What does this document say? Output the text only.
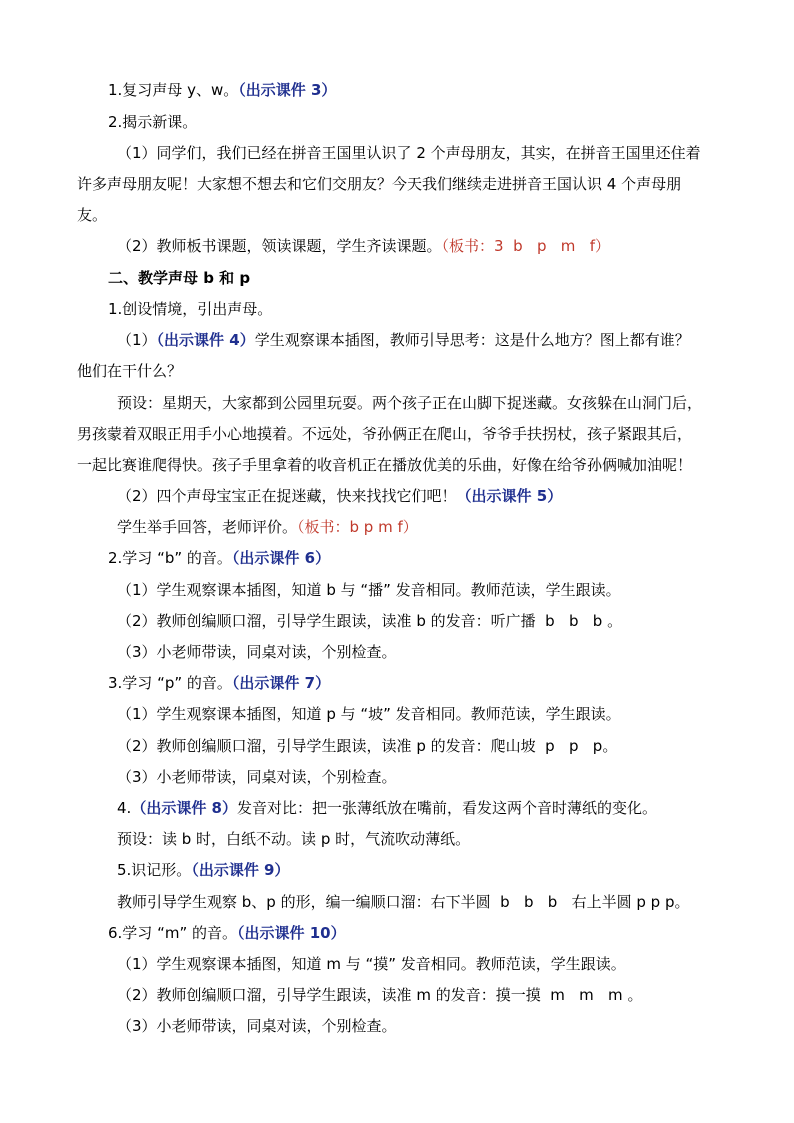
1.复习声母 y、w。（出示课件 3）
2.揭示新课。
（1）同学们，我们已经在拼音王国里认识了 2 个声母朋友，其实，在拼音王国里还住着
许多声母朋友呢！大家想不想去和它们交朋友？今天我们继续走进拼音王国认识 4 个声母朋
友。
（2）教师板书课题，领读课题，学生齐读课题。（板书：3  b   p   m   f）
二、教学声母 b 和 p
1.创设情境，引出声母。
（1）（出示课件 4）学生观察课本插图，教师引导思考：这是什么地方？图上都有谁？
他们在干什么？
预设：星期天，大家都到公园里玩耍。两个孩子正在山脚下捉迷藏。女孩躲在山洞门后，
男孩蒙着双眼正用手小心地摸着。不远处，爷孙俩正在爬山，爷爷手扶拐杖，孩子紧跟其后，
一起比赛谁爬得快。孩子手里拿着的收音机正在播放优美的乐曲，好像在给爷孙俩喊加油呢！
（2）四个声母宝宝正在捉迷藏，快来找找它们吧！（出示课件 5）
学生举手回答，老师评价。（板书：b p m f）
2.学习 “b” 的音。（出示课件 6）
（1）学生观察课本插图，知道 b 与 “播” 发音相同。教师范读，学生跟读。
（2）教师创编顺口溜，引导学生跟读，读准 b 的发音：听广播  b   b   b 。
（3）小老师带读，同桌对读，个别检查。
3.学习 “p” 的音。（出示课件 7）
（1）学生观察课本插图，知道 p 与 “坡” 发音相同。教师范读，学生跟读。
（2）教师创编顺口溜，引导学生跟读，读准 p 的发音：爬山坡  p   p   p。
（3）小老师带读，同桌对读，个别检查。
4.（出示课件 8）发音对比：把一张薄纸放在嘴前，看发这两个音时薄纸的变化。
预设：读 b 时，白纸不动。读 p 时，气流吹动薄纸。
5.识记形。（出示课件 9）
教师引导学生观察 b、p 的形，编一编顺口溜：右下半圆  b   b   b   右上半圆 p p p。
6.学习 “m” 的音。（出示课件 10）
（1）学生观察课本插图，知道 m 与 “摸” 发音相同。教师范读，学生跟读。
（2）教师创编顺口溜，引导学生跟读，读准 m 的发音：摸一摸  m   m   m 。
（3）小老师带读，同桌对读，个别检查。
